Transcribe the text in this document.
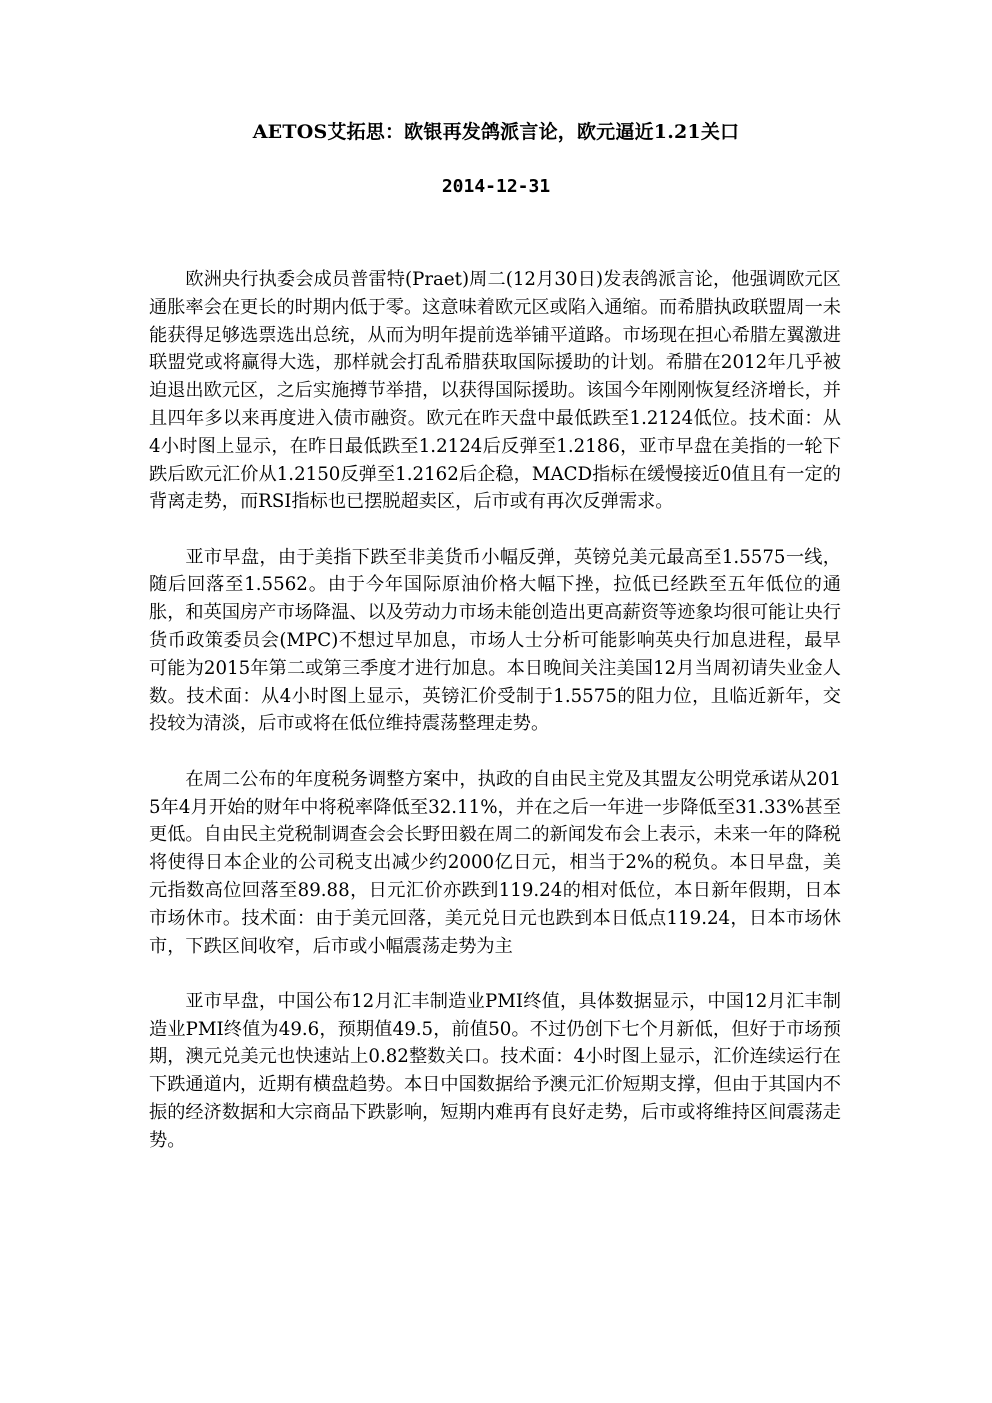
AETOS艾拓思：欧银再发鸽派言论，欧元逼近1.21关口
2014-12-31

欧洲央行执委会成员普雷特(Praet)周二(12月30日)发表鸽派言论，他强调欧元区通胀率会在更长的时期内低于零。这意味着欧元区或陷入通缩。而希腊执政联盟周一未能获得足够选票选出总统，从而为明年提前选举铺平道路。市场现在担心希腊左翼激进联盟党或将赢得大选，那样就会打乱希腊获取国际援助的计划。希腊在2012年几乎被迫退出欧元区，之后实施撙节举措，以获得国际援助。该国今年刚刚恢复经济增长，并且四年多以来再度进入债市融资。欧元在昨天盘中最低跌至1.2124低位。技术面：从4小时图上显示，在昨日最低跌至1.2124后反弹至1.2186，亚市早盘在美指的一轮下跌后欧元汇价从1.2150反弹至1.2162后企稳，MACD指标在缓慢接近0值且有一定的背离走势，而RSI指标也已摆脱超卖区，后市或有再次反弹需求。

亚市早盘，由于美指下跌至非美货币小幅反弹，英镑兑美元最高至1.5575一线，随后回落至1.5562。由于今年国际原油价格大幅下挫，拉低已经跌至五年低位的通胀，和英国房产市场降温、以及劳动力市场未能创造出更高薪资等迹象均很可能让央行货币政策委员会(MPC)不想过早加息，市场人士分析可能影响英央行加息进程，最早可能为2015年第二或第三季度才进行加息。本日晚间关注美国12月当周初请失业金人数。技术面：从4小时图上显示，英镑汇价受制于1.5575的阻力位，且临近新年，交投较为清淡，后市或将在低位维持震荡整理走势。

在周二公布的年度税务调整方案中，执政的自由民主党及其盟友公明党承诺从2015年4月开始的财年中将税率降低至32.11%，并在之后一年进一步降低至31.33%甚至更低。自由民主党税制调查会会长野田毅在周二的新闻发布会上表示，未来一年的降税将使得日本企业的公司税支出减少约2000亿日元，相当于2%的税负。本日早盘，美元指数高位回落至89.88，日元汇价亦跌到119.24的相对低位，本日新年假期，日本市场休市。技术面：由于美元回落，美元兑日元也跌到本日低点119.24，日本市场休市，下跌区间收窄，后市或小幅震荡走势为主

亚市早盘，中国公布12月汇丰制造业PMI终值，具体数据显示，中国12月汇丰制造业PMI终值为49.6，预期值49.5，前值50。不过仍创下七个月新低，但好于市场预期，澳元兑美元也快速站上0.82整数关口。技术面：4小时图上显示，汇价连续运行在下跌通道内，近期有横盘趋势。本日中国数据给予澳元汇价短期支撑，但由于其国内不振的经济数据和大宗商品下跌影响，短期内难再有良好走势，后市或将维持区间震荡走势。
